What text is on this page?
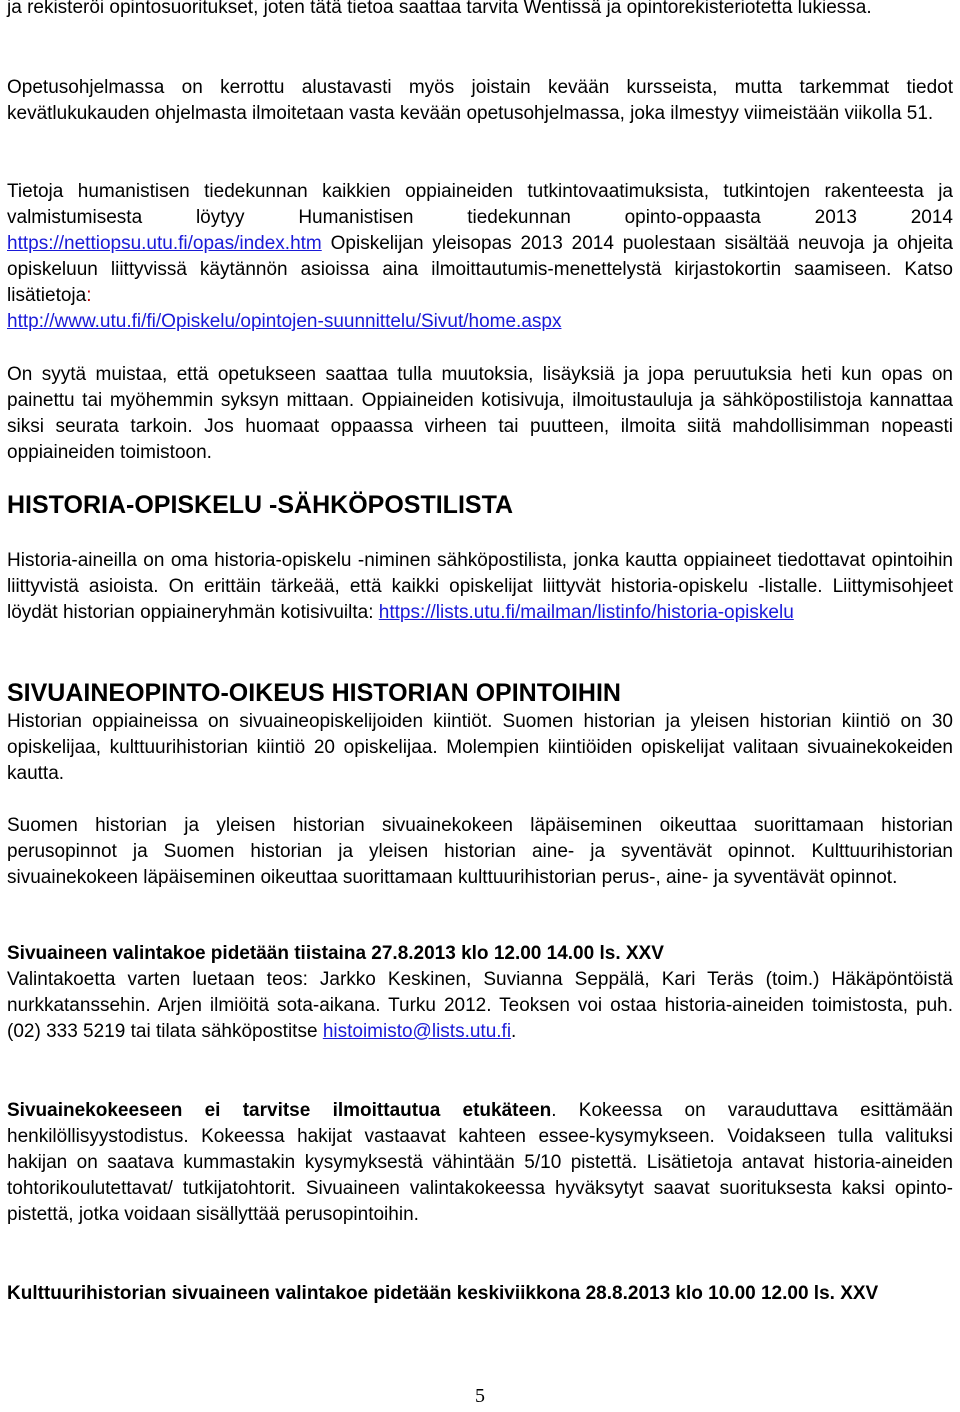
ja rekisteröi opintosuoritukset, joten tätä tietoa saattaa tarvita Wentissä ja opintorekisteriotetta lukiessa.

Opetusohjelmassa on kerrottu alustavasti myös joistain kevään kursseista, mutta tarkemmat tiedot kevätlukukauden ohjelmasta ilmoitetaan vasta kevään opetusohjelmassa, joka ilmestyy viimeistään viikolla 51.

Tietoja humanistisen tiedekunnan kaikkien oppiaineiden tutkintovaatimuksista, tutkintojen rakenteesta ja valmistumisesta löytyy Humanistisen tiedekunnan opinto-oppaasta 2013 2014 https://nettiopsu.utu.fi/opas/index.htm Opiskelijan yleisopas 2013 2014 puolestaan sisältää neuvoja ja ohjeita opiskeluun liittyvissä käytännön asioissa aina ilmoittautumis-menettelystä kirjastokortin saamiseen. Katso lisätietoja:
http://www.utu.fi/fi/Opiskelu/opintojen-suunnittelu/Sivut/home.aspx

On syytä muistaa, että opetukseen saattaa tulla muutoksia, lisäyksiä ja jopa peruutuksia heti kun opas on painettu tai myöhemmin syksyn mittaan. Oppiaineiden kotisivuja, ilmoitustauluja ja sähköpostilistoja kannattaa siksi seurata tarkoin. Jos huomaat oppaassa virheen tai puutteen, ilmoita siitä mahdollisimman nopeasti oppiaineiden toimistoon.

HISTORIA-OPISKELU -SÄHKÖPOSTILISTA

Historia-aineilla on oma historia-opiskelu -niminen sähköpostilista, jonka kautta oppiaineet tiedottavat opintoihin liittyvistä asioista. On erittäin tärkeää, että kaikki opiskelijat liittyvät historia-opiskelu -listalle. Liittymisohjeet löydät historian oppiaineryhmän kotisivuilta: https://lists.utu.fi/mailman/listinfo/historia-opiskelu

SIVUAINEOPINTO-OIKEUS HISTORIAN OPINTOIHIN

Historian oppiaineissa on sivuaineopiskelijoiden kiintiöt. Suomen historian ja yleisen historian kiintiö on 30 opiskelijaa, kulttuurihistorian kiintiö 20 opiskelijaa. Molempien kiintiöiden opiskelijat valitaan sivuainekokeiden kautta.

Suomen historian ja yleisen historian sivuainekokeen läpäiseminen oikeuttaa suorittamaan historian perusopinnot ja Suomen historian ja yleisen historian aine- ja syventävät opinnot. Kulttuurihistorian sivuainekokeen läpäiseminen oikeuttaa suorittamaan kulttuurihistorian perus-, aine- ja syventävät opinnot.

Sivuaineen valintakoe pidetään tiistaina 27.8.2013 klo 12.00 14.00 ls. XXV
Valintakoetta varten luetaan teos: Jarkko Keskinen, Suvianna Seppälä, Kari Teräs (toim.) Häkäpöntöistä nurkkatanssehin. Arjen ilmiöitä sota-aikana. Turku 2012. Teoksen voi ostaa historia-aineiden toimistosta, puh. (02) 333 5219 tai tilata sähköpostitse histoimisto@lists.utu.fi.

Sivuainekokeeseen ei tarvitse ilmoittautua etukäteen. Kokeessa on varauduttava esittämään henkilöllisyystodistus. Kokeessa hakijat vastaavat kahteen essee-kysymykseen. Voidakseen tulla valituksi hakijan on saatava kummastakin kysymyksestä vähintään 5/10 pistettä. Lisätietoja antavat historia-aineiden tohtorikoulutettavat/ tutkijatohtorit. Sivuaineen valintakokeessa hyväksytyt saavat suorituksesta kaksi opinto-pistettä, jotka voidaan sisällyttää perusopintoihin.

Kulttuurihistorian sivuaineen valintakoe pidetään keskiviikkona 28.8.2013 klo 10.00 12.00 ls. XXV

5
